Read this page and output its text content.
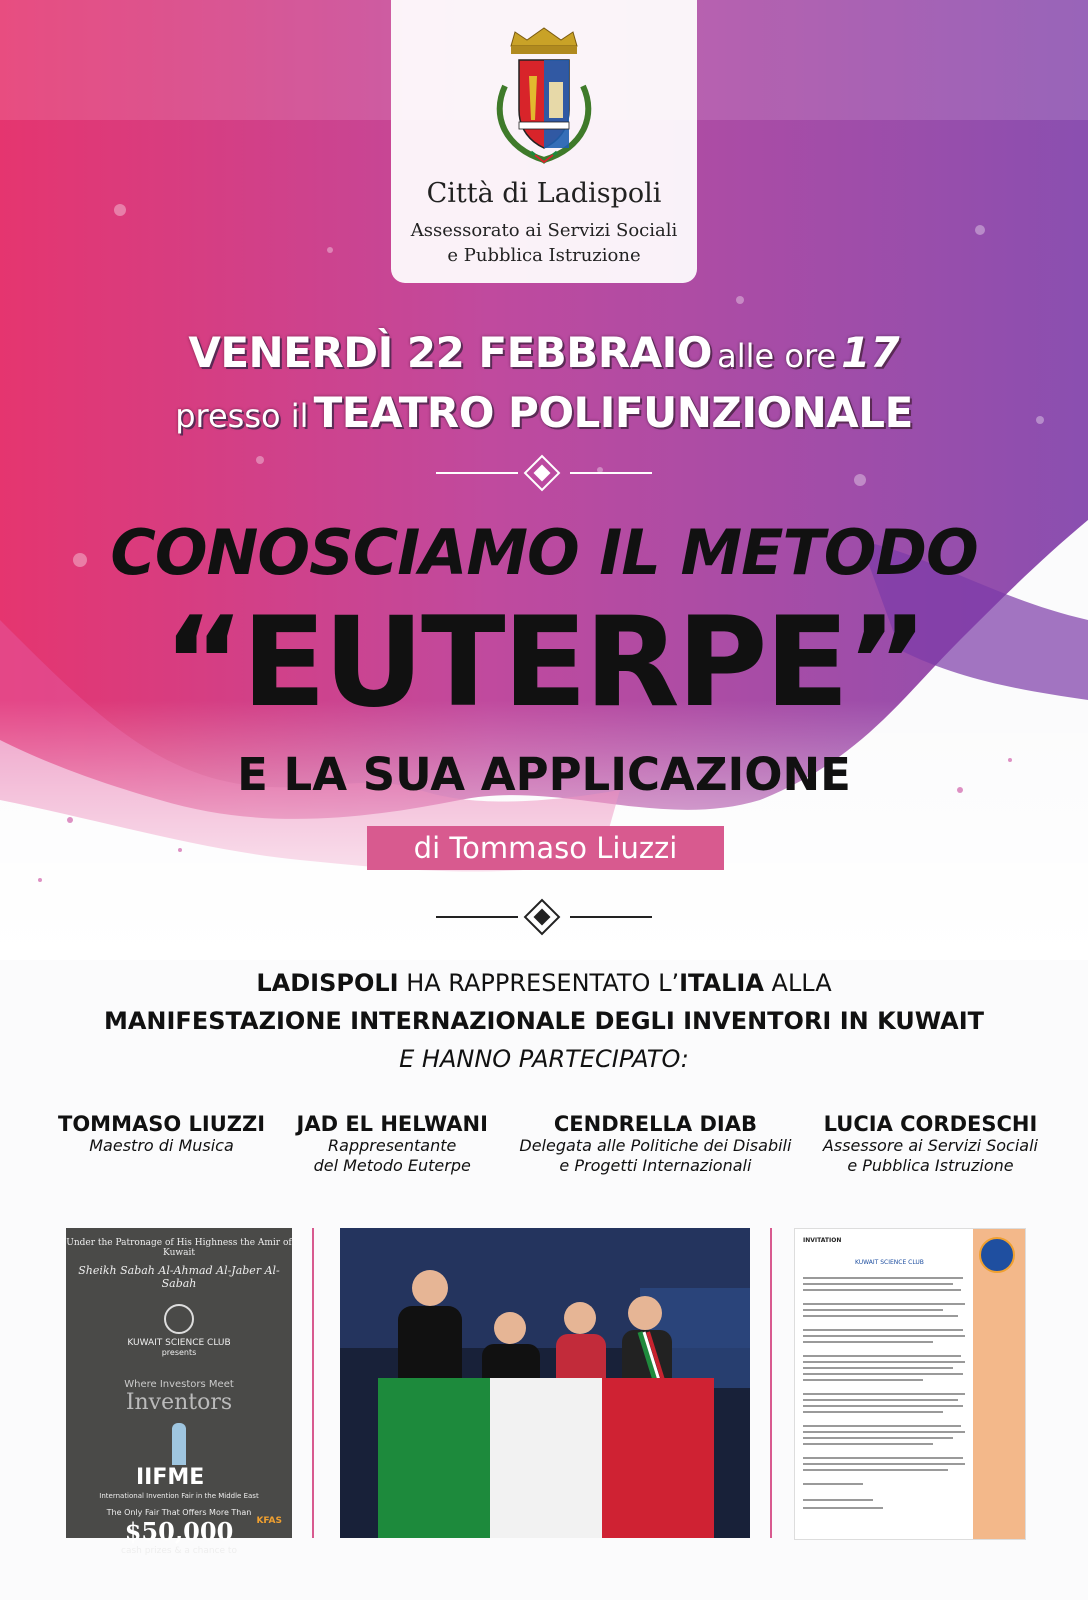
Città di Ladispoli
Assessorato ai Servizi Sociali
e Pubblica Istruzione
VENERDÌ 22 FEBBRAIO alle ore 17
presso il TEATRO POLIFUNZIONALE
CONOSCIAMO IL METODO
“EUTERPE”
E LA SUA APPLICAZIONE
di Tommaso Liuzzi
LADISPOLI HA RAPPRESENTATO L’ITALIA ALLA
MANIFESTAZIONE INTERNAZIONALE DEGLI INVENTORI IN KUWAIT
E HANNO PARTECIPATO:
TOMMASO LIUZZI
Maestro di Musica
JAD EL HELWANI
Rappresentante
del Metodo Euterpe
CENDRELLA DIAB
Delegata alle Politiche dei Disabili
e Progetti Internazionali
LUCIA CORDESCHI
Assessore ai Servizi Sociali
e Pubblica Istruzione
Under the Patronage of His Highness the Amir of Kuwait
Sheikh Sabah Al-Ahmad Al-Jaber Al-Sabah
KUWAIT SCIENCE CLUB
presents
Where Investors Meet
Inventors
IIFME
International Invention Fair in the Middle East
The Only Fair That Offers More Than
$50,000
cash prizes & a chance to
KFAS
INVITATION
KUWAIT SCIENCE CLUB
